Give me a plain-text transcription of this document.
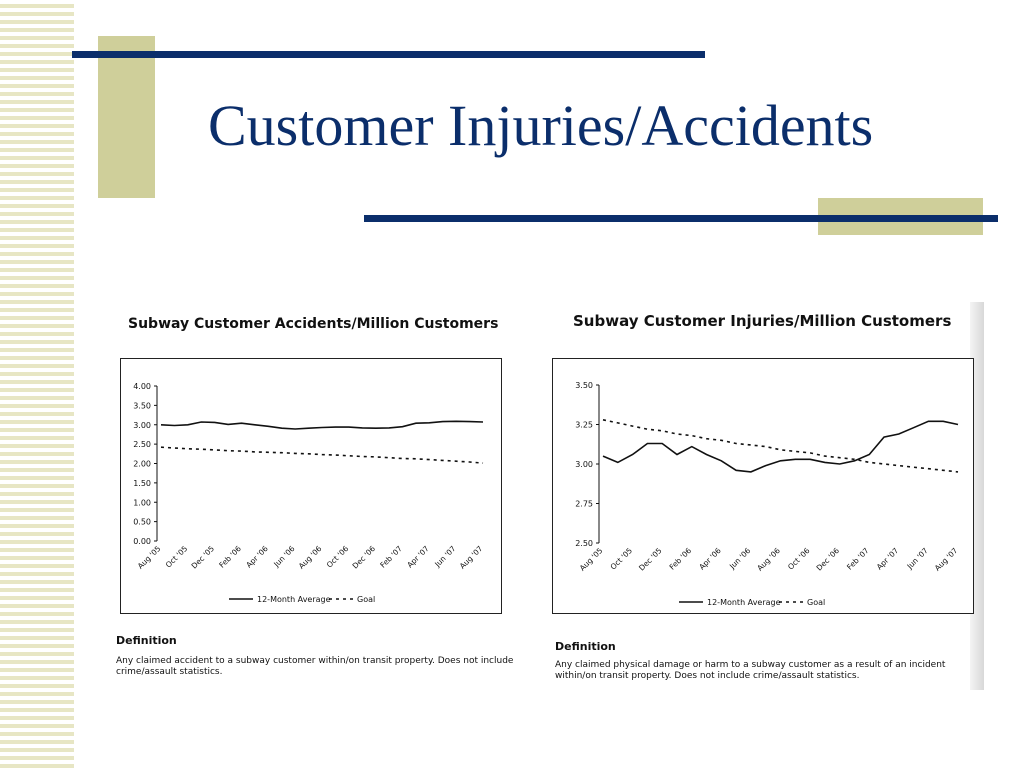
Customer Injuries/Accidents
Subway Customer Accidents/Million Customers
0.00
0.50
1.00
1.50
2.00
2.50
3.00
3.50
4.00
Aug '05 Oct '05 Dec '05 Feb '06 Apr '06 Jun '06 Aug '06 Oct '06 Dec '06 Feb '07 Apr '07 Jun '07 Aug '07
12-Month Average	Goal
Definition
Any claimed accident to a subway customer within/on transit property. Does not include
crime/assault statistics.
Subway Customer Injuries/Million Customers
2.50
2.75
3.00
3.25
3.50
Aug '05 Oct '05 Dec '05 Feb '06 Apr '06 Jun '06 Aug '06 Oct '06 Dec '06 Feb '07 Apr '07 Jun '07 Aug '07
12-Month Average	Goal
Definition
Any claimed physical damage or harm to a subway customer as a result of an incident
within/on transit property. Does not include crime/assault statistics.
